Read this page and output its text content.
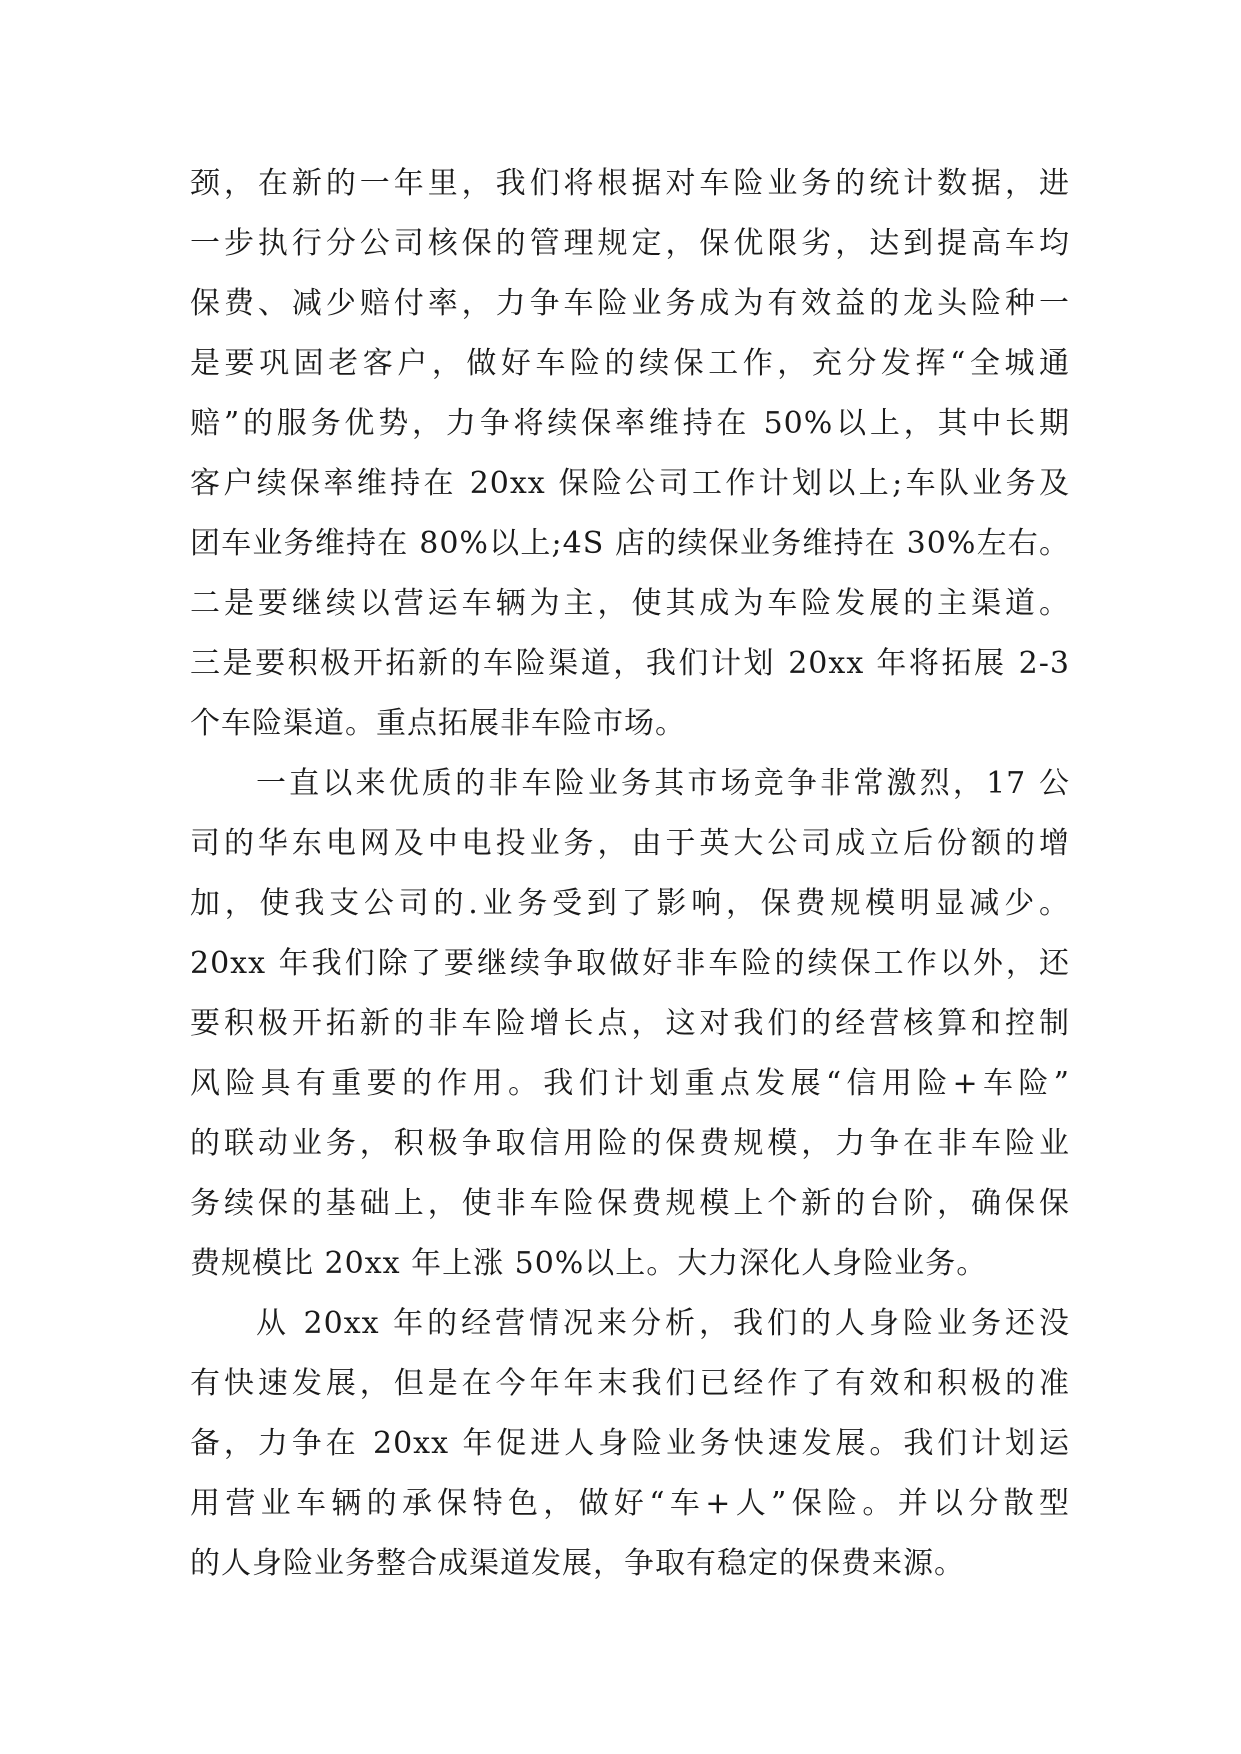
颈，在新的一年里，我们将根据对车险业务的统计数据，进
一步执行分公司核保的管理规定，保优限劣，达到提高车均
保费、减少赔付率，力争车险业务成为有效益的龙头险种一
是要巩固老客户，做好车险的续保工作，充分发挥“全城通
赔”的服务优势，力争将续保率维持在 50%以上，其中长期
客户续保率维持在 20xx 保险公司工作计划以上;车队业务及
团车业务维持在 80%以上;4S 店的续保业务维持在 30%左右。
二是要继续以营运车辆为主，使其成为车险发展的主渠道。
三是要积极开拓新的车险渠道，我们计划 20xx 年将拓展 2-3
个车险渠道。重点拓展非车险市场。
一直以来优质的非车险业务其市场竞争非常激烈，17 公
司的华东电网及中电投业务，由于英大公司成立后份额的增
加，使我支公司的.业务受到了影响，保费规模明显减少。
20xx 年我们除了要继续争取做好非车险的续保工作以外，还
要积极开拓新的非车险增长点，这对我们的经营核算和控制
风险具有重要的作用。我们计划重点发展“信用险+车险”
的联动业务，积极争取信用险的保费规模，力争在非车险业
务续保的基础上，使非车险保费规模上个新的台阶，确保保
费规模比 20xx 年上涨 50%以上。大力深化人身险业务。
从 20xx 年的经营情况来分析，我们的人身险业务还没
有快速发展，但是在今年年末我们已经作了有效和积极的准
备，力争在 20xx 年促进人身险业务快速发展。我们计划运
用营业车辆的承保特色，做好“车+人”保险。并以分散型
的人身险业务整合成渠道发展，争取有稳定的保费来源。
